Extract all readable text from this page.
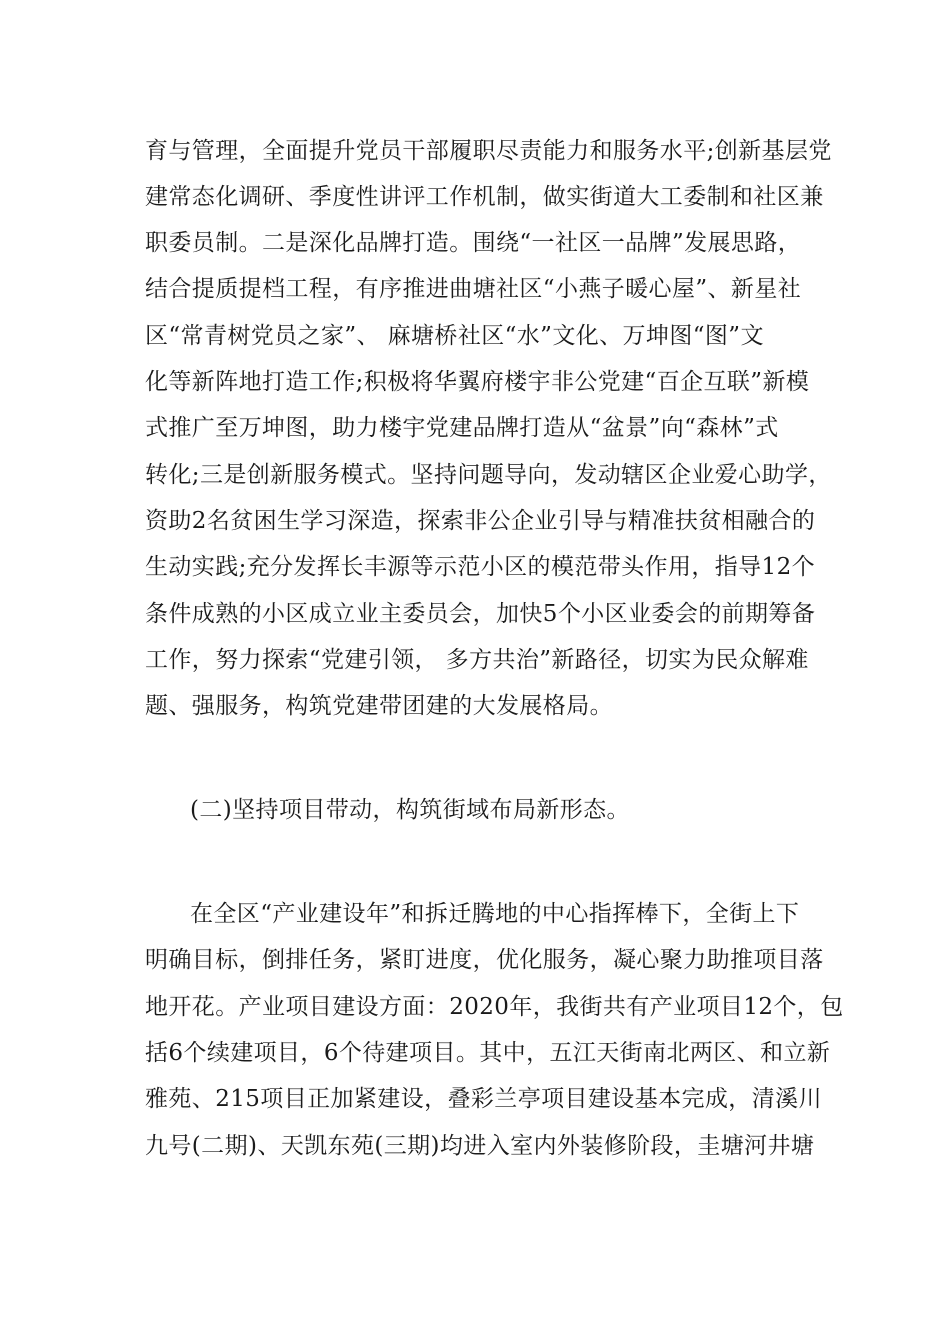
育与管理，全面提升党员干部履职尽责能力和服务水平;创新基层党
建常态化调研、季度性讲评工作机制，做实街道大工委制和社区兼
职委员制。二是深化品牌打造。围绕“一社区一品牌”发展思路，
结合提质提档工程，有序推进曲塘社区“小燕子暖心屋”、新星社
区“常青树党员之家”、 麻塘桥社区“水”文化、万坤图“图”文
化等新阵地打造工作;积极将华翼府楼宇非公党建“百企互联”新模
式推广至万坤图，助力楼宇党建品牌打造从“盆景”向“森林”式
转化;三是创新服务模式。坚持问题导向，发动辖区企业爱心助学，
资助2名贫困生学习深造，探索非公企业引导与精准扶贫相融合的
生动实践;充分发挥长丰源等示范小区的模范带头作用，指导12个
条件成熟的小区成立业主委员会，加快5个小区业委会的前期筹备
工作，努力探索“党建引领， 多方共治”新路径，切实为民众解难
题、强服务，构筑党建带团建的大发展格局。
(二)坚持项目带动，构筑街域布局新形态。
在全区“产业建设年”和拆迁腾地的中心指挥棒下，全街上下
明确目标，倒排任务，紧盯进度，优化服务，凝心聚力助推项目落
地开花。产业项目建设方面：2020年，我街共有产业项目12个，包
括6个续建项目，6个待建项目。其中，五江天街南北两区、和立新
雅苑、215项目正加紧建设，叠彩兰亭项目建设基本完成，清溪川
九号(二期)、天凯东苑(三期)均进入室内外装修阶段，圭塘河井塘
